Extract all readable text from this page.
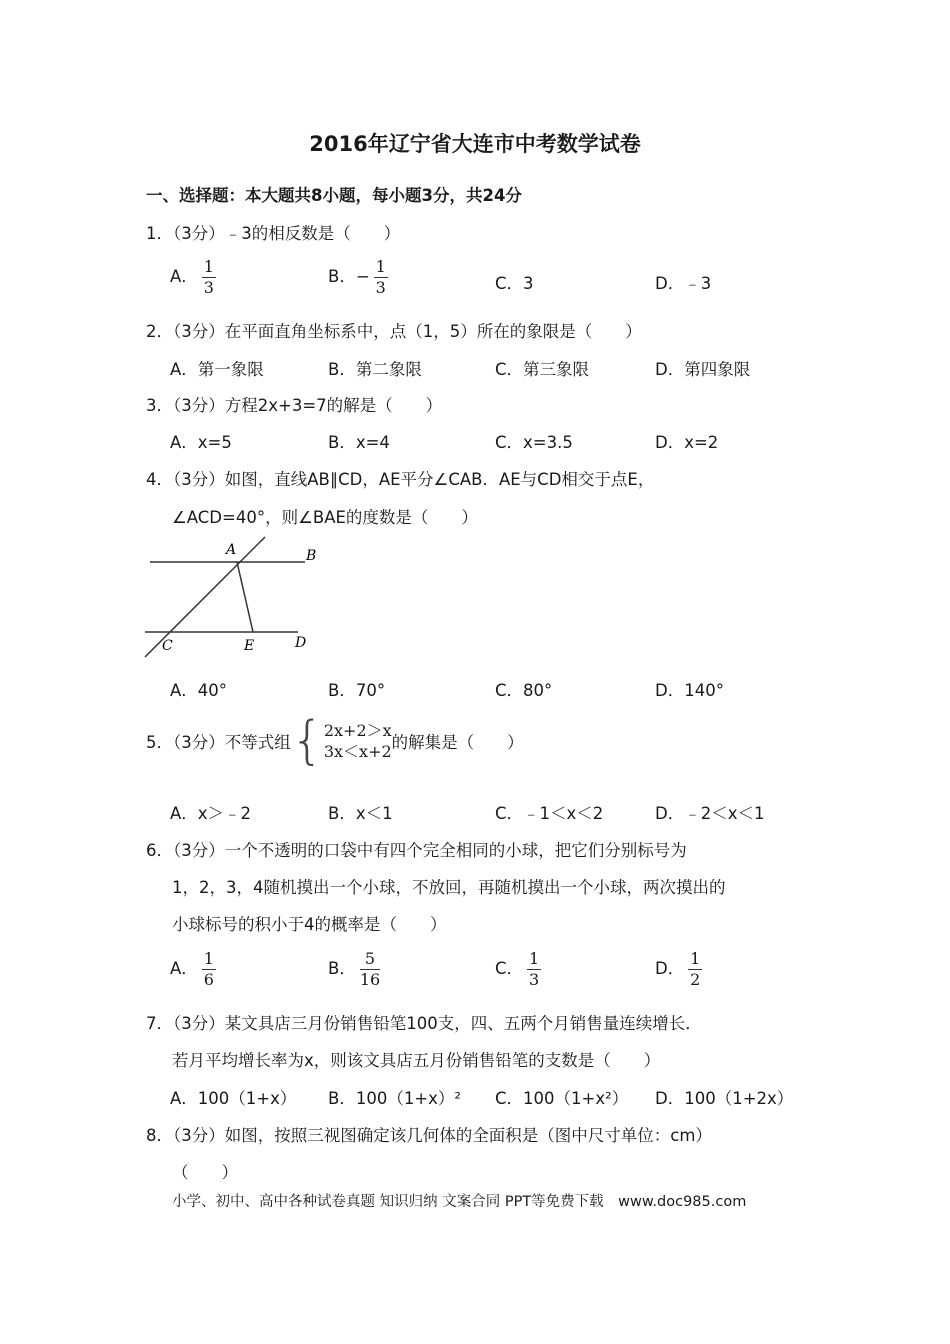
2016年辽宁省大连市中考数学试卷
一、选择题：本大题共8小题，每小题3分，共24分
1．（3分）﹣3的相反数是（　　）
A． $\frac{1}{3}$	B．− $\frac{1}{3}$	C．3	D．﹣3
2．（3分）在平面直角坐标系中，点（1，5）所在的象限是（　　）
A．第一象限	B．第二象限	C．第三象限	D．第四象限
3．（3分）方程2x+3=7的解是（　　）
A．x=5	B．x=4	C．x=3.5	D．x=2
4．（3分）如图，直线AB∥CD，AE平分∠CAB．AE与CD相交于点E，
∠ACD=40°，则∠BAE的度数是（　　）
A	B
C	E	D
A．40°	B．70°	C．80°	D．140°
5．（3分）不等式组 { 2x+2＞x
3x＜x+2 的解集是（　　）
A．x＞﹣2	B．x＜1	C．﹣1＜x＜2	D．﹣2＜x＜1
6．（3分）一个不透明的口袋中有四个完全相同的小球，把它们分别标号为
1，2，3，4随机摸出一个小球，不放回，再随机摸出一个小球，两次摸出的
小球标号的积小于4的概率是（　　）
A． $\frac{1}{6}$	B． $\frac{5}{16}$	C． $\frac{1}{3}$	D． $\frac{1}{2}$
7．（3分）某文具店三月份销售铅笔100支，四、五两个月销售量连续增长．
若月平均增长率为x，则该文具店五月份销售铅笔的支数是（　　）
A．100（1+x） B．100（1+x）² C．100（1+x²） D．100（1+2x）
8．（3分）如图，按照三视图确定该几何体的全面积是（图中尺寸单位：cm）
（　　）
小学、初中、高中各种试卷真题 知识归纳 文案合同 PPT等免费下载　www.doc985.com
